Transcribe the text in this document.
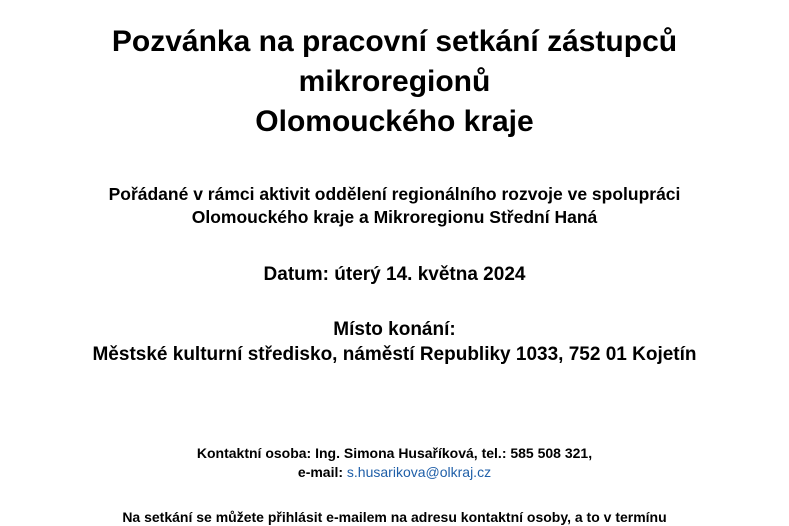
Pozvánka na pracovní setkání zástupců
mikroregionů
Olomouckého kraje
Pořádané v rámci aktivit oddělení regionálního rozvoje ve spolupráci
Olomouckého kraje a Mikroregionu Střední Haná
Datum: úterý 14. května 2024
Místo konání:
Městské kulturní středisko, náměstí Republiky 1033, 752 01 Kojetín
Kontaktní osoba: Ing. Simona Husaříková, tel.: 585 508 321,
e-mail: s.husarikova@olkraj.cz
Na setkání se můžete přihlásit e-mailem na adresu kontaktní osoby, a to v termínu
